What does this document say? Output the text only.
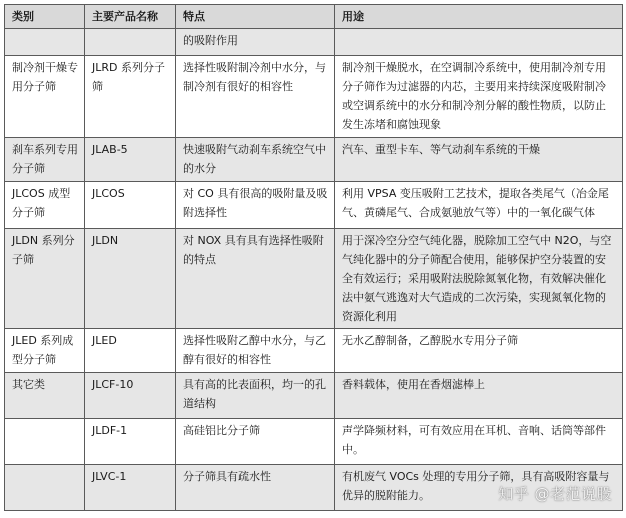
类别	主要产品名称	特点	用途
		的吸附作用	
制冷剂干燥专用分子筛	JLRD 系列分子筛	选择性吸附制冷剂中水分，与制冷剂有很好的相容性	制冷剂干燥脱水，在空调制冷系统中，使用制冷剂专用分子筛作为过滤器的内芯，主要用来持续深度吸附制冷或空调系统中的水分和制冷剂分解的酸性物质，以防止发生冻堵和腐蚀现象
刹车系列专用分子筛	JLAB-5	快速吸附气动刹车系统空气中的水分	汽车、重型卡车、等气动刹车系统的干燥
JLCOS 成型分子筛	JLCOS	对 CO 具有很高的吸附量及吸附选择性	利用 VPSA 变压吸附工艺技术，提取各类尾气（冶金尾气、黄磷尾气、合成氨驰放气等）中的一氧化碳气体
JLDN 系列分子筛	JLDN	对 NOX 具有具有选择性吸附的特点	用于深冷空分空气纯化器，脱除加工空气中 N2O，与空气纯化器中的分子筛配合使用，能够保护空分装置的安全有效运行；采用吸附法脱除氮氧化物，有效解决催化法中氨气逃逸对大气造成的二次污染，实现氮氧化物的资源化利用
JLED 系列成型分子筛	JLED	选择性吸附乙醇中水分，与乙醇有很好的相容性	无水乙醇制备，乙醇脱水专用分子筛
其它类	JLCF-10	具有高的比表面积，均一的孔道结构	香料载体，使用在香烟滤棒上
	JLDF-1	高硅铝比分子筛	声学降频材料，可有效应用在耳机、音响、话筒等部件中。
	JLVC-1	分子筛具有疏水性	有机废气 VOCs 处理的专用分子筛，具有高吸附容量与优异的脱附能力。	知乎 @老范说股
